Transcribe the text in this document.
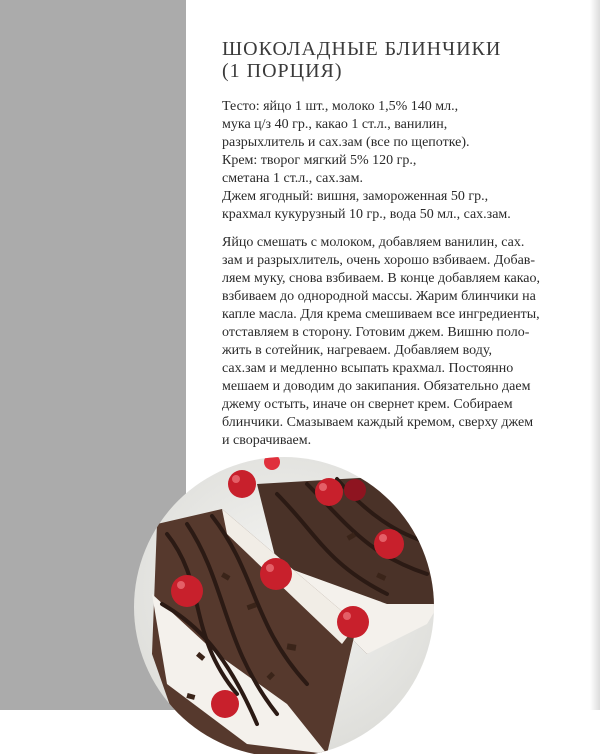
ШОКОЛАДНЫЕ БЛИНЧИКИ
(1 ПОРЦИЯ)
Тесто: яйцо 1 шт., молоко 1,5% 140 мл.,
мука ц/з 40 гр., какао 1 ст.л., ванилин,
разрыхлитель и сах.зам (все по щепотке).
Крем: творог мягкий 5% 120 гр.,
сметана 1 ст.л., сах.зам.
Джем ягодный: вишня, замороженная 50 гр.,
крахмал кукурузный 10 гр., вода 50 мл., сах.зам.
Яйцо смешать с молоком, добавляем ванилин, сах.
зам и разрыхлитель, очень хорошо взбиваем. Добав-
ляем муку, снова взбиваем. В конце добавляем какао,
взбиваем до однородной массы. Жарим блинчики на
капле масла. Для крема смешиваем все ингредиенты,
отставляем в сторону. Готовим джем. Вишню поло-
жить в сотейник, нагреваем. Добавляем воду,
сах.зам и медленно всыпать крахмал. Постоянно
мешаем и доводим до закипания. Обязательно даем
джему остыть, иначе он свернет крем. Собираем
блинчики. Смазываем каждый кремом, сверху джем
и сворачиваем.
